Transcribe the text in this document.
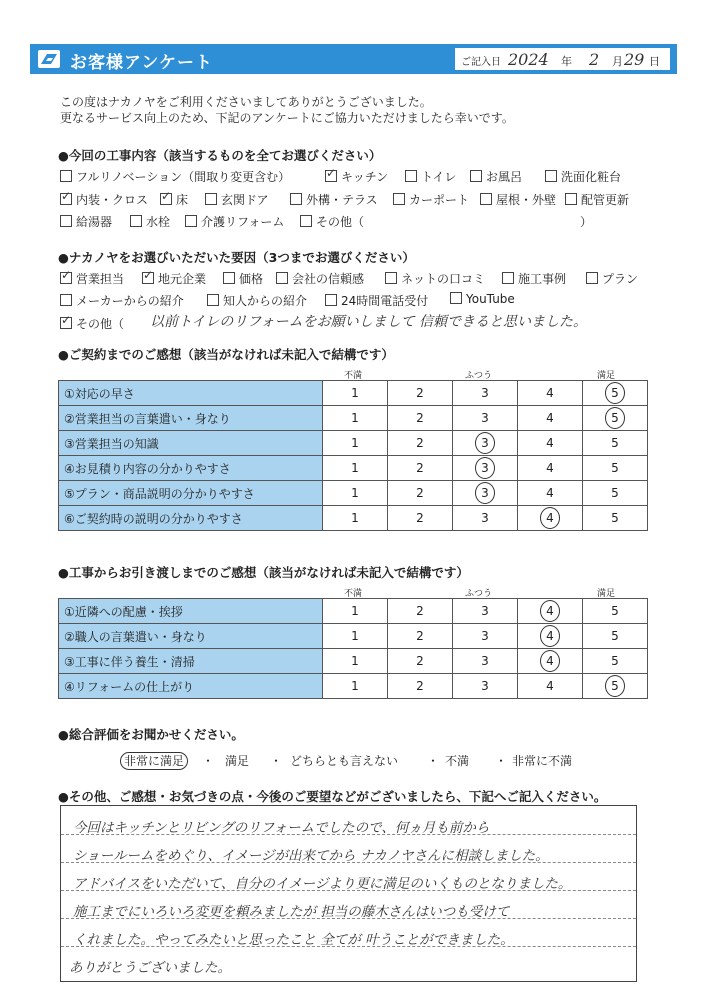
お客様アンケート	ご記入日 2024 年 2 月 29 日
この度はナカノヤをご利用くださいましてありがとうございました。
更なるサービス向上のため、下記のアンケートにご協力いただけましたら幸いです。
●今回の工事内容（該当するものを全てお選びください）
フルリノベーション（間取り変更含む） ✓	キッチン	トイレ	お風呂	洗面化粧台
✓内装・クロス ✓	床	玄関ドア	外構・テラス	カーポート	屋根・外壁	配管更新
給湯器	水栓	介護リフォーム	その他（　　　　　　　　　　　　　　　　　　）
●ナカノヤをお選びいただいた要因（3つまでお選びください）
✓営業担当 ✓	地元企業	価格	会社の信頼感	ネットの口コミ	施工事例	プラン
メーカーからの紹介	知人からの紹介	24時間電話受付	YouTube
✓その他（ 以前トイレのリフォームをお願いしまして 信頼できると思いました。
●ご契約までのご感想（該当がなければ未記入で結構です）
不満	ふつう	満足
①対応の早さ	1	2	3	4	5
②営業担当の言葉遣い・身なり	1	2	3	4	5
③営業担当の知識	1	2	3	4	5
④お見積り内容の分かりやすさ	1	2	3	4	5
⑤プラン・商品説明の分かりやすさ	1	2	3	4	5
⑥ご契約時の説明の分かりやすさ	1	2	3	4	5
●工事からお引き渡しまでのご感想（該当がなければ未記入で結構です）
不満	ふつう	満足
①近隣への配慮・挨拶	1	2	3	4	5
②職人の言葉遣い・身なり	1	2	3	4	5
③工事に伴う養生・清掃	1	2	3	4	5
④リフォームの仕上がり	1	2	3	4	5
●総合評価をお聞かせください。
非常に満足	満足	どちらとも言えない	不満	非常に不満
・	・	・	・
●その他、ご感想・お気づきの点・今後のご要望などがございましたら、下記へご記入ください。
今回はキッチンとリビングのリフォームでしたので、何ヵ月も前から
ショールームをめぐり、イメージが出来てから ナカノヤさんに相談しました。
アドバイスをいただいて、自分のイメージより更に満足のいくものとなりました。
施工までにいろいろ変更を頼みましたが 担当の藤木さんはいつも受けて
くれました。やってみたいと思ったこと 全てが 叶うことができました。
ありがとうございました。
